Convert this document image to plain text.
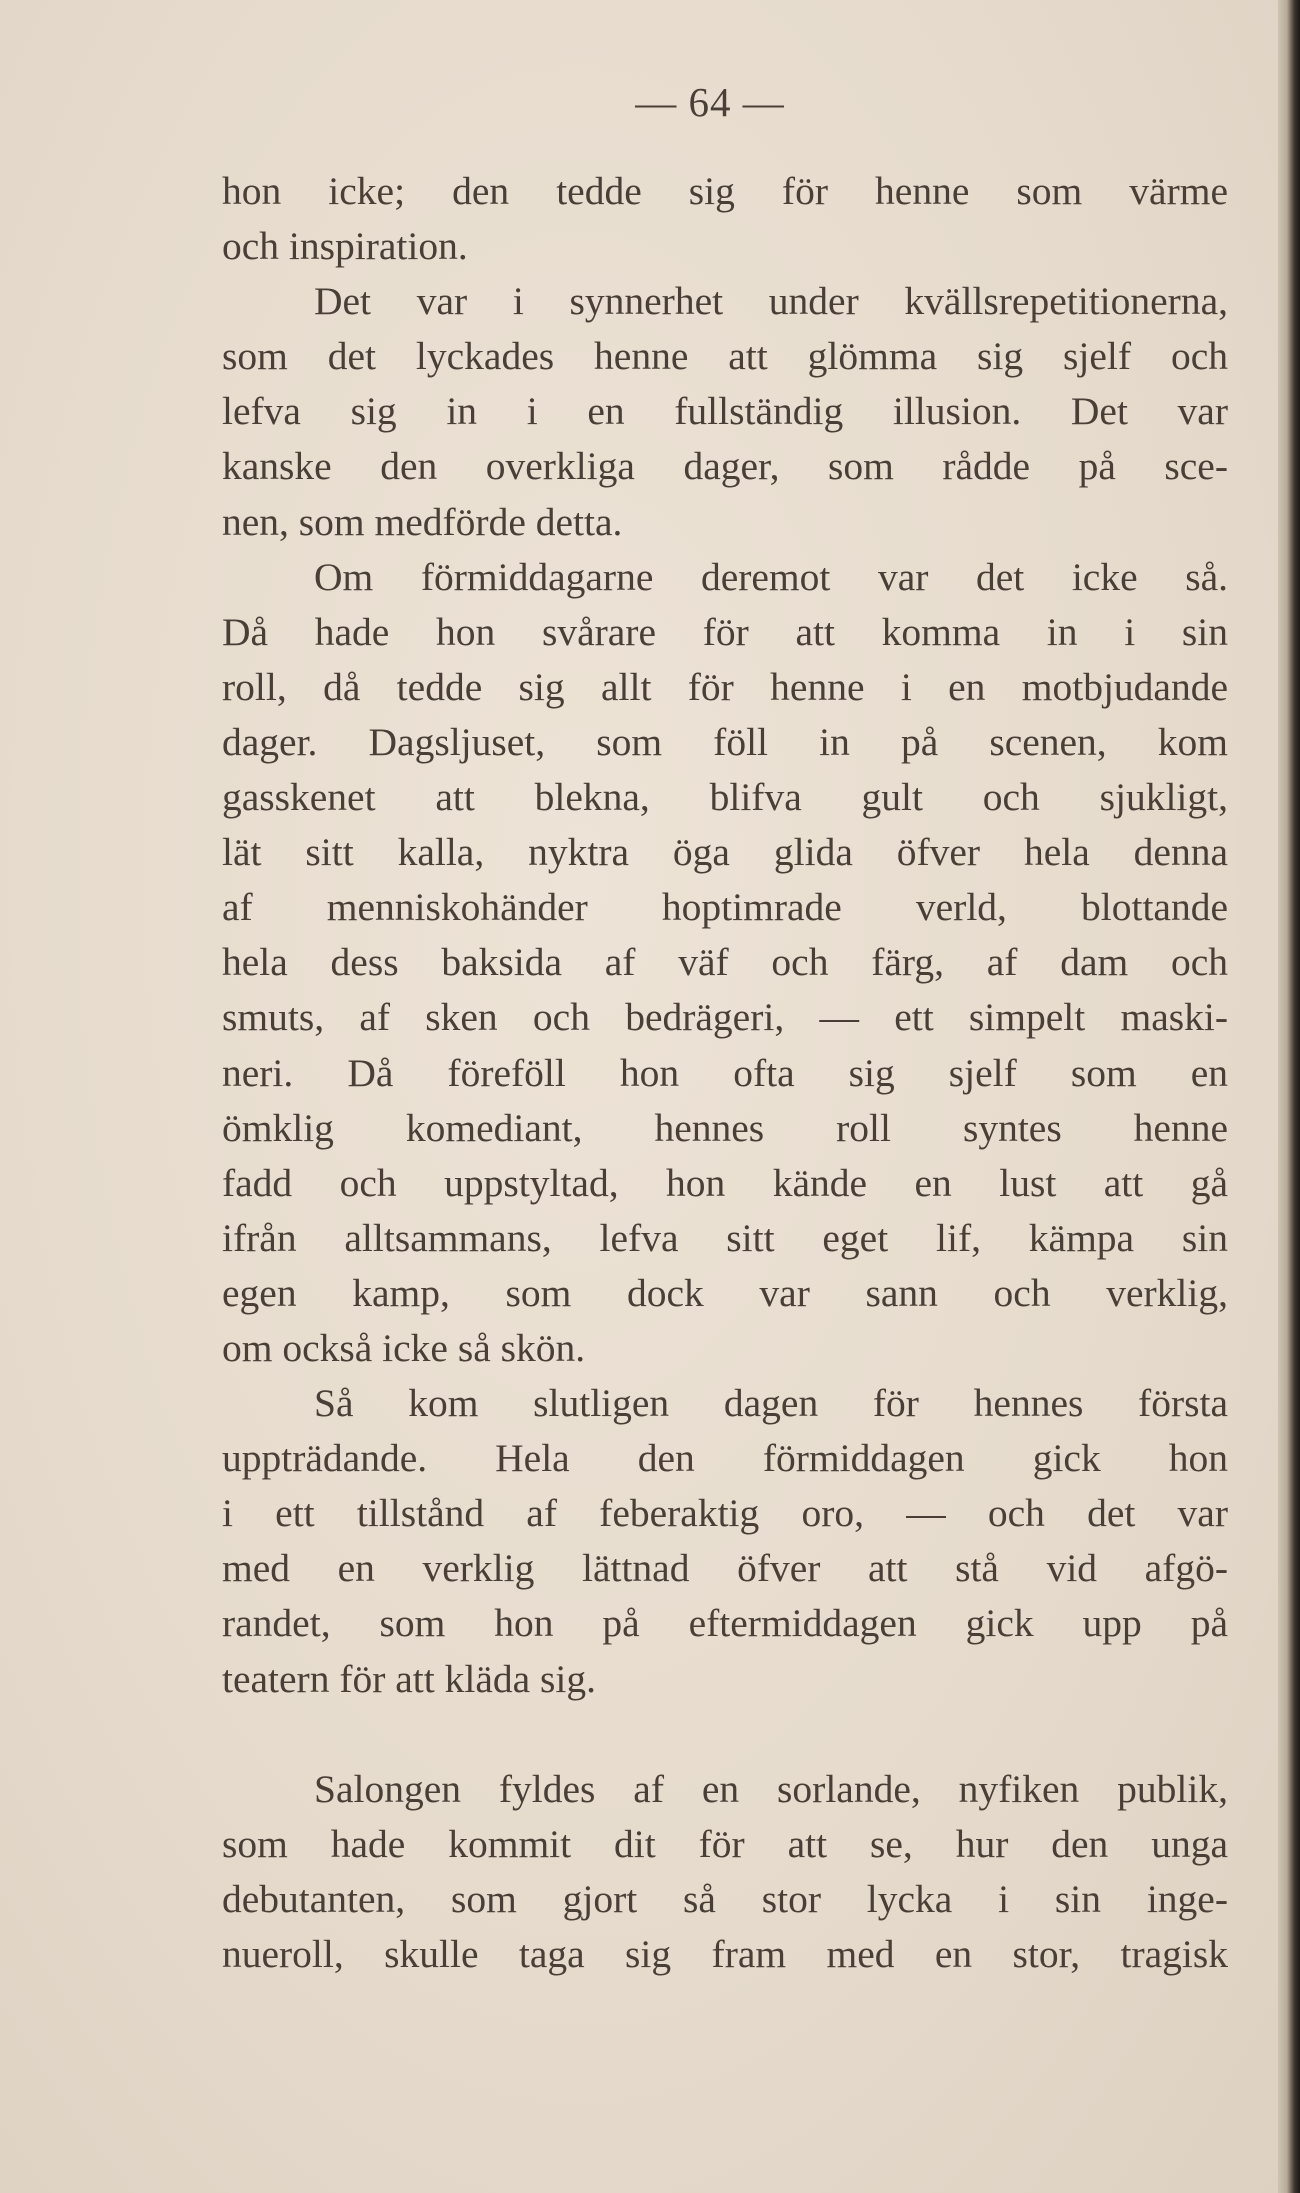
— 64 —
hon icke; den tedde sig för henne som värme
och inspiration.
Det var i synnerhet under kvällsrepetitionerna,
som det lyckades henne att glömma sig sjelf och
lefva sig in i en fullständig illusion. Det var
kanske den overkliga dager, som rådde på sce-
nen, som medförde detta.
Om förmiddagarne deremot var det icke så.
Då hade hon svårare för att komma in i sin
roll, då tedde sig allt för henne i en motbjudande
dager. Dagsljuset, som föll in på scenen, kom
gasskenet att blekna, blifva gult och sjukligt,
lät sitt kalla, nyktra öga glida öfver hela denna
af menniskohänder hoptimrade verld, blottande
hela dess baksida af väf och färg, af dam och
smuts, af sken och bedrägeri, — ett simpelt maski-
neri. Då föreföll hon ofta sig sjelf som en
ömklig komediant, hennes roll syntes henne
fadd och uppstyltad, hon kände en lust att gå
ifrån alltsammans, lefva sitt eget lif, kämpa sin
egen kamp, som dock var sann och verklig,
om också icke så skön.
Så kom slutligen dagen för hennes första
uppträdande. Hela den förmiddagen gick hon
i ett tillstånd af feberaktig oro, — och det var
med en verklig lättnad öfver att stå vid afgö-
randet, som hon på eftermiddagen gick upp på
teatern för att kläda sig.
Salongen fyldes af en sorlande, nyfiken publik,
som hade kommit dit för att se, hur den unga
debutanten, som gjort så stor lycka i sin inge-
nueroll, skulle taga sig fram med en stor, tragisk
